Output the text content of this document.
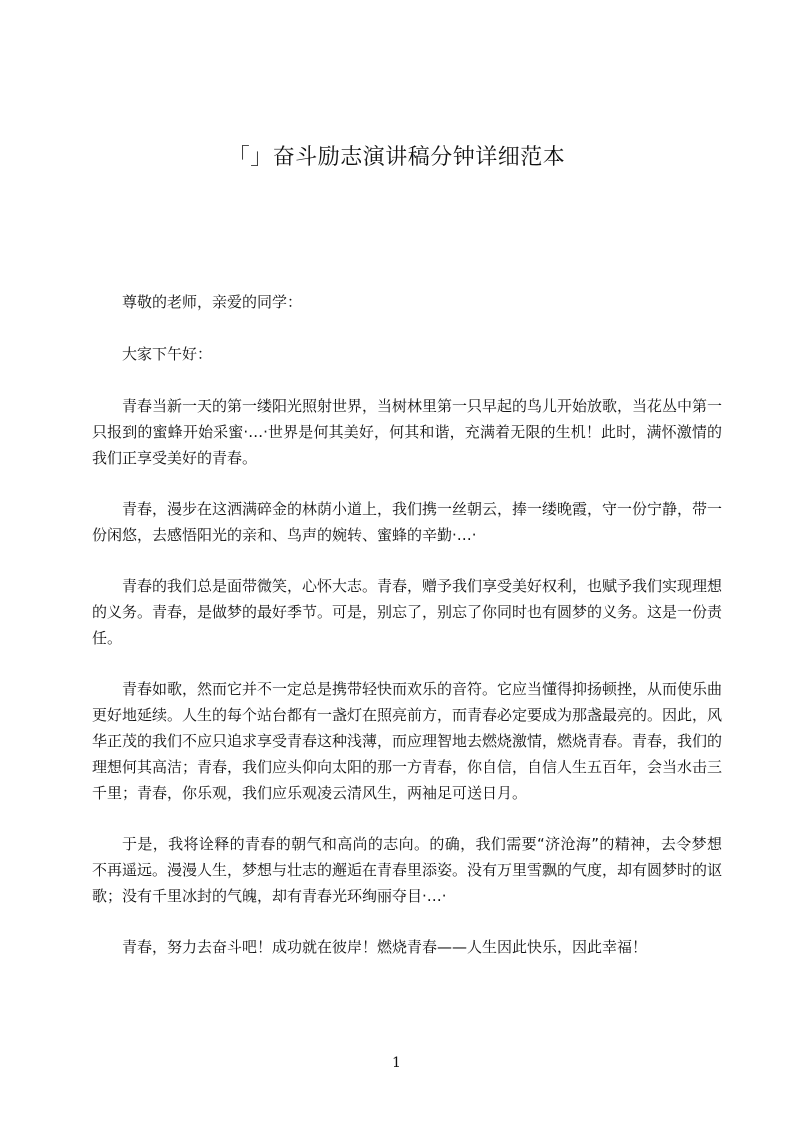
「」奋斗励志演讲稿分钟详细范本

尊敬的老师，亲爱的同学：

大家下午好：

青春当新一天的第一缕阳光照射世界，当树林里第一只早起的鸟儿开始放歌，当花丛中第一只报到的蜜蜂开始采蜜·…·世界是何其美好，何其和谐，充满着无限的生机！此时，满怀激情的我们正享受美好的青春。

青春，漫步在这洒满碎金的林荫小道上，我们携一丝朝云，捧一缕晚霞，守一份宁静，带一份闲悠，去感悟阳光的亲和、鸟声的婉转、蜜蜂的辛勤·…·

青春的我们总是面带微笑，心怀大志。青春，赠予我们享受美好权利，也赋予我们实现理想的义务。青春，是做梦的最好季节。可是，别忘了，别忘了你同时也有圆梦的义务。这是一份责任。

青春如歌，然而它并不一定总是携带轻快而欢乐的音符。它应当懂得抑扬顿挫，从而使乐曲更好地延续。人生的每个站台都有一盏灯在照亮前方，而青春必定要成为那盏最亮的。因此，风华正茂的我们不应只追求享受青春这种浅薄，而应理智地去燃烧激情，燃烧青春。青春，我们的理想何其高洁；青春，我们应头仰向太阳的那一方青春，你自信，自信人生五百年，会当水击三千里；青春，你乐观，我们应乐观凌云清风生，两袖足可送日月。

于是，我将诠释的青春的朝气和高尚的志向。的确，我们需要“济沧海”的精神，去令梦想不再遥远。漫漫人生，梦想与壮志的邂逅在青春里添姿。没有万里雪飘的气度，却有圆梦时的讴歌；没有千里冰封的气魄，却有青春光环绚丽夺目·…·

青春，努力去奋斗吧！成功就在彼岸！燃烧青春——人生因此快乐，因此幸福！

1
